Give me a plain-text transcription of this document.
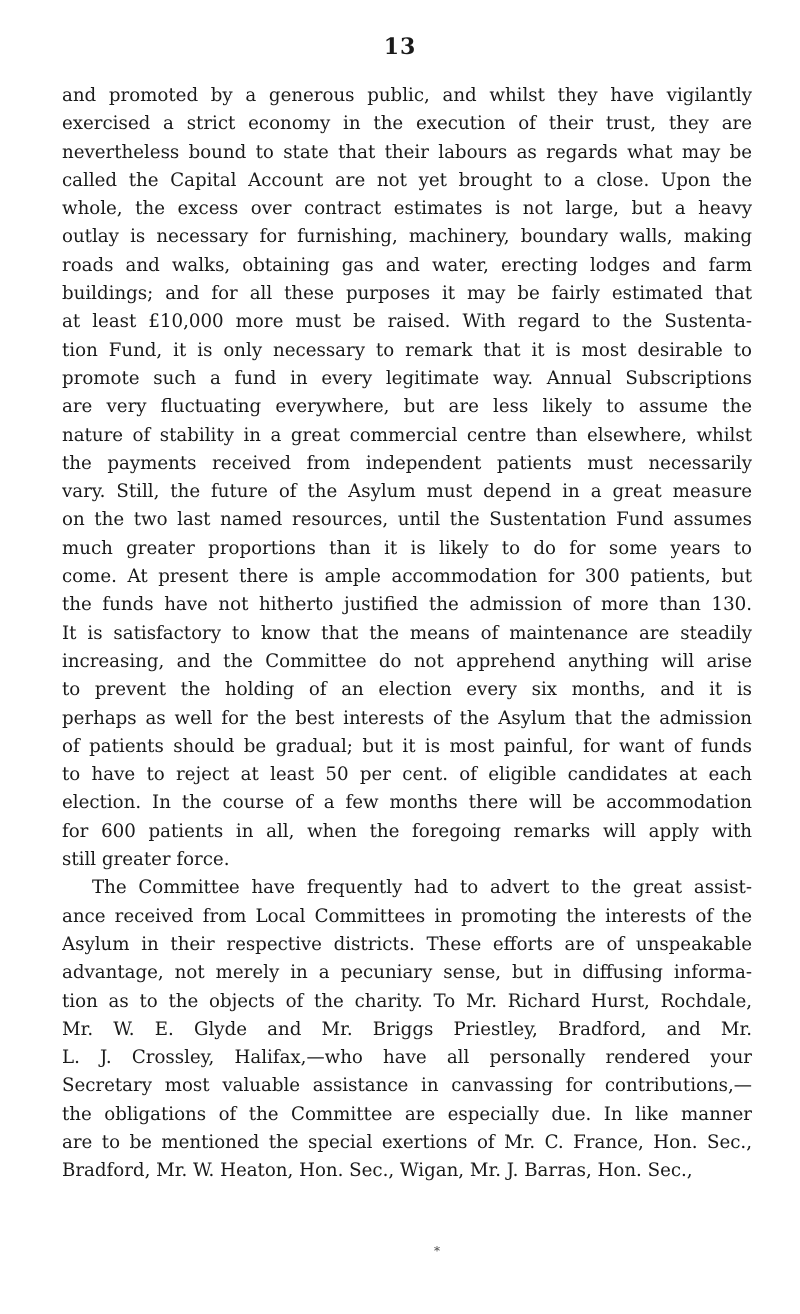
13
and promoted by a generous public, and whilst they have vigilantly
exercised a strict economy in the execution of their trust, they are
nevertheless bound to state that their labours as regards what may be
called the Capital Account are not yet brought to a close. Upon the
whole, the excess over contract estimates is not large, but a heavy
outlay is necessary for furnishing, machinery, boundary walls, making
roads and walks, obtaining gas and water, erecting lodges and farm
buildings; and for all these purposes it may be fairly estimated that
at least £10,000 more must be raised. With regard to the Sustenta-
tion Fund, it is only necessary to remark that it is most desirable to
promote such a fund in every legitimate way. Annual Subscriptions
are very fluctuating everywhere, but are less likely to assume the
nature of stability in a great commercial centre than elsewhere, whilst
the payments received from independent patients must necessarily
vary. Still, the future of the Asylum must depend in a great measure
on the two last named resources, until the Sustentation Fund assumes
much greater proportions than it is likely to do for some years to
come. At present there is ample accommodation for 300 patients, but
the funds have not hitherto justified the admission of more than 130.
It is satisfactory to know that the means of maintenance are steadily
increasing, and the Committee do not apprehend anything will arise
to prevent the holding of an election every six months, and it is
perhaps as well for the best interests of the Asylum that the admission
of patients should be gradual; but it is most painful, for want of funds
to have to reject at least 50 per cent. of eligible candidates at each
election. In the course of a few months there will be accommodation
for 600 patients in all, when the foregoing remarks will apply with
still greater force.
The Committee have frequently had to advert to the great assist-
ance received from Local Committees in promoting the interests of the
Asylum in their respective districts. These efforts are of unspeakable
advantage, not merely in a pecuniary sense, but in diffusing informa-
tion as to the objects of the charity. To Mr. Richard Hurst, Rochdale,
Mr. W. E. Glyde and Mr. Briggs Priestley, Bradford, and Mr.
L. J. Crossley, Halifax,—who have all personally rendered your
Secretary most valuable assistance in canvassing for contributions,—
the obligations of the Committee are especially due. In like manner
are to be mentioned the special exertions of Mr. C. France, Hon. Sec.,
Bradford, Mr. W. Heaton, Hon. Sec., Wigan, Mr. J. Barras, Hon. Sec.,
*
